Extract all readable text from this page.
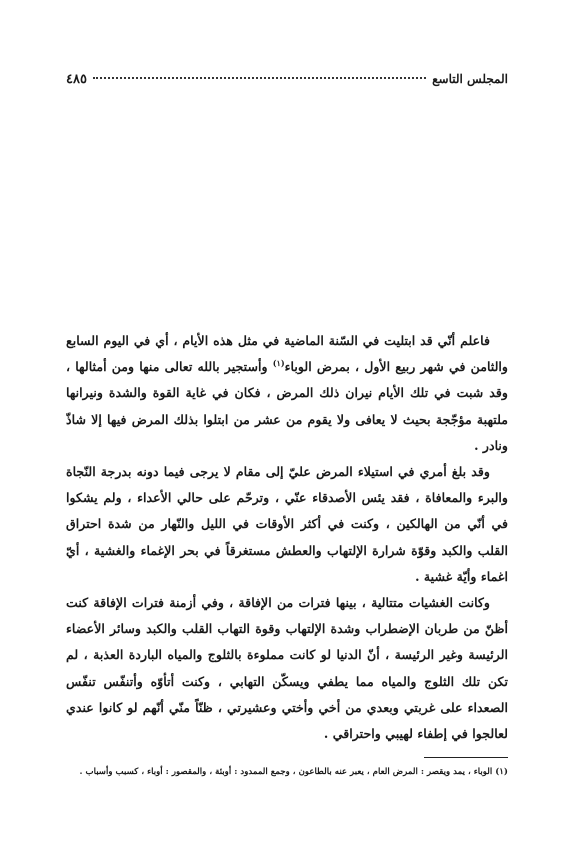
المجلس التاسع
٤٨٥

فاعلم أنّي قد ابتليت في السّنة الماضية في مثل هذه الأيام ، أي في اليوم السابع والثامن في شهر ربيع الأول ، بمرض الوباء$^{(١)}$ وأستجير بالله تعالى منها ومن أمثالها ، وقد شبت في تلك الأيام نيران ذلك المرض ، فكان في غاية القوة والشدة ونيرانها ملتهبة مؤجّجة بحيث لا يعافى ولا يقوم من عشر من ابتلوا بذلك المرض فيها إلا شاذّ ونادر .

وقد بلغ أمري في استيلاء المرض عليّ إلى مقام لا يرجى فيما دونه بدرجة النّجاة والبرء والمعافاة ، فقد يئس الأصدقاء عنّي ، وترحّم على حالي الأعداء ، ولم يشكوا في أنّي من الهالكين ، وكنت في أكثر الأوقات في الليل والنّهار من شدة احتراق القلب والكبد وقوّة شرارة الإلتهاب والعطش مستغرقاً في بحر الإغماء والغشية ، أيّ اغماء وأيّة غشية .

وكانت الغشيات متتالية ، بينها فترات من الإفاقة ، وفي أزمنة فترات الإفاقة كنت أظنّ من طربان الإضطراب وشدة الإلتهاب وقوة التهاب القلب والكبد وسائر الأعضاء الرئيسة وغير الرئيسة ، أنّ الدنيا لو كانت مملوءة بالثلوج والمياه الباردة العذبة ، لم تكن تلك الثلوج والمياه مما يطفي ويسكّن التهابي ، وكنت أتأوّه وأتنفّس تنفّس الصعداء على غربتي وبعدي من أخي وأختي وعشيرتي ، ظنّاً منّي أنّهم لو كانوا عندي لعالجوا في إطفاء لهيبي واحتراقي .

(١) الوباء ، يمد ويقصر : المرض العام ، يعبر عنه بالطاعون ، وجمع الممدود : أوبئة ، والمقصور : أوباء ، كسبب وأسباب .
